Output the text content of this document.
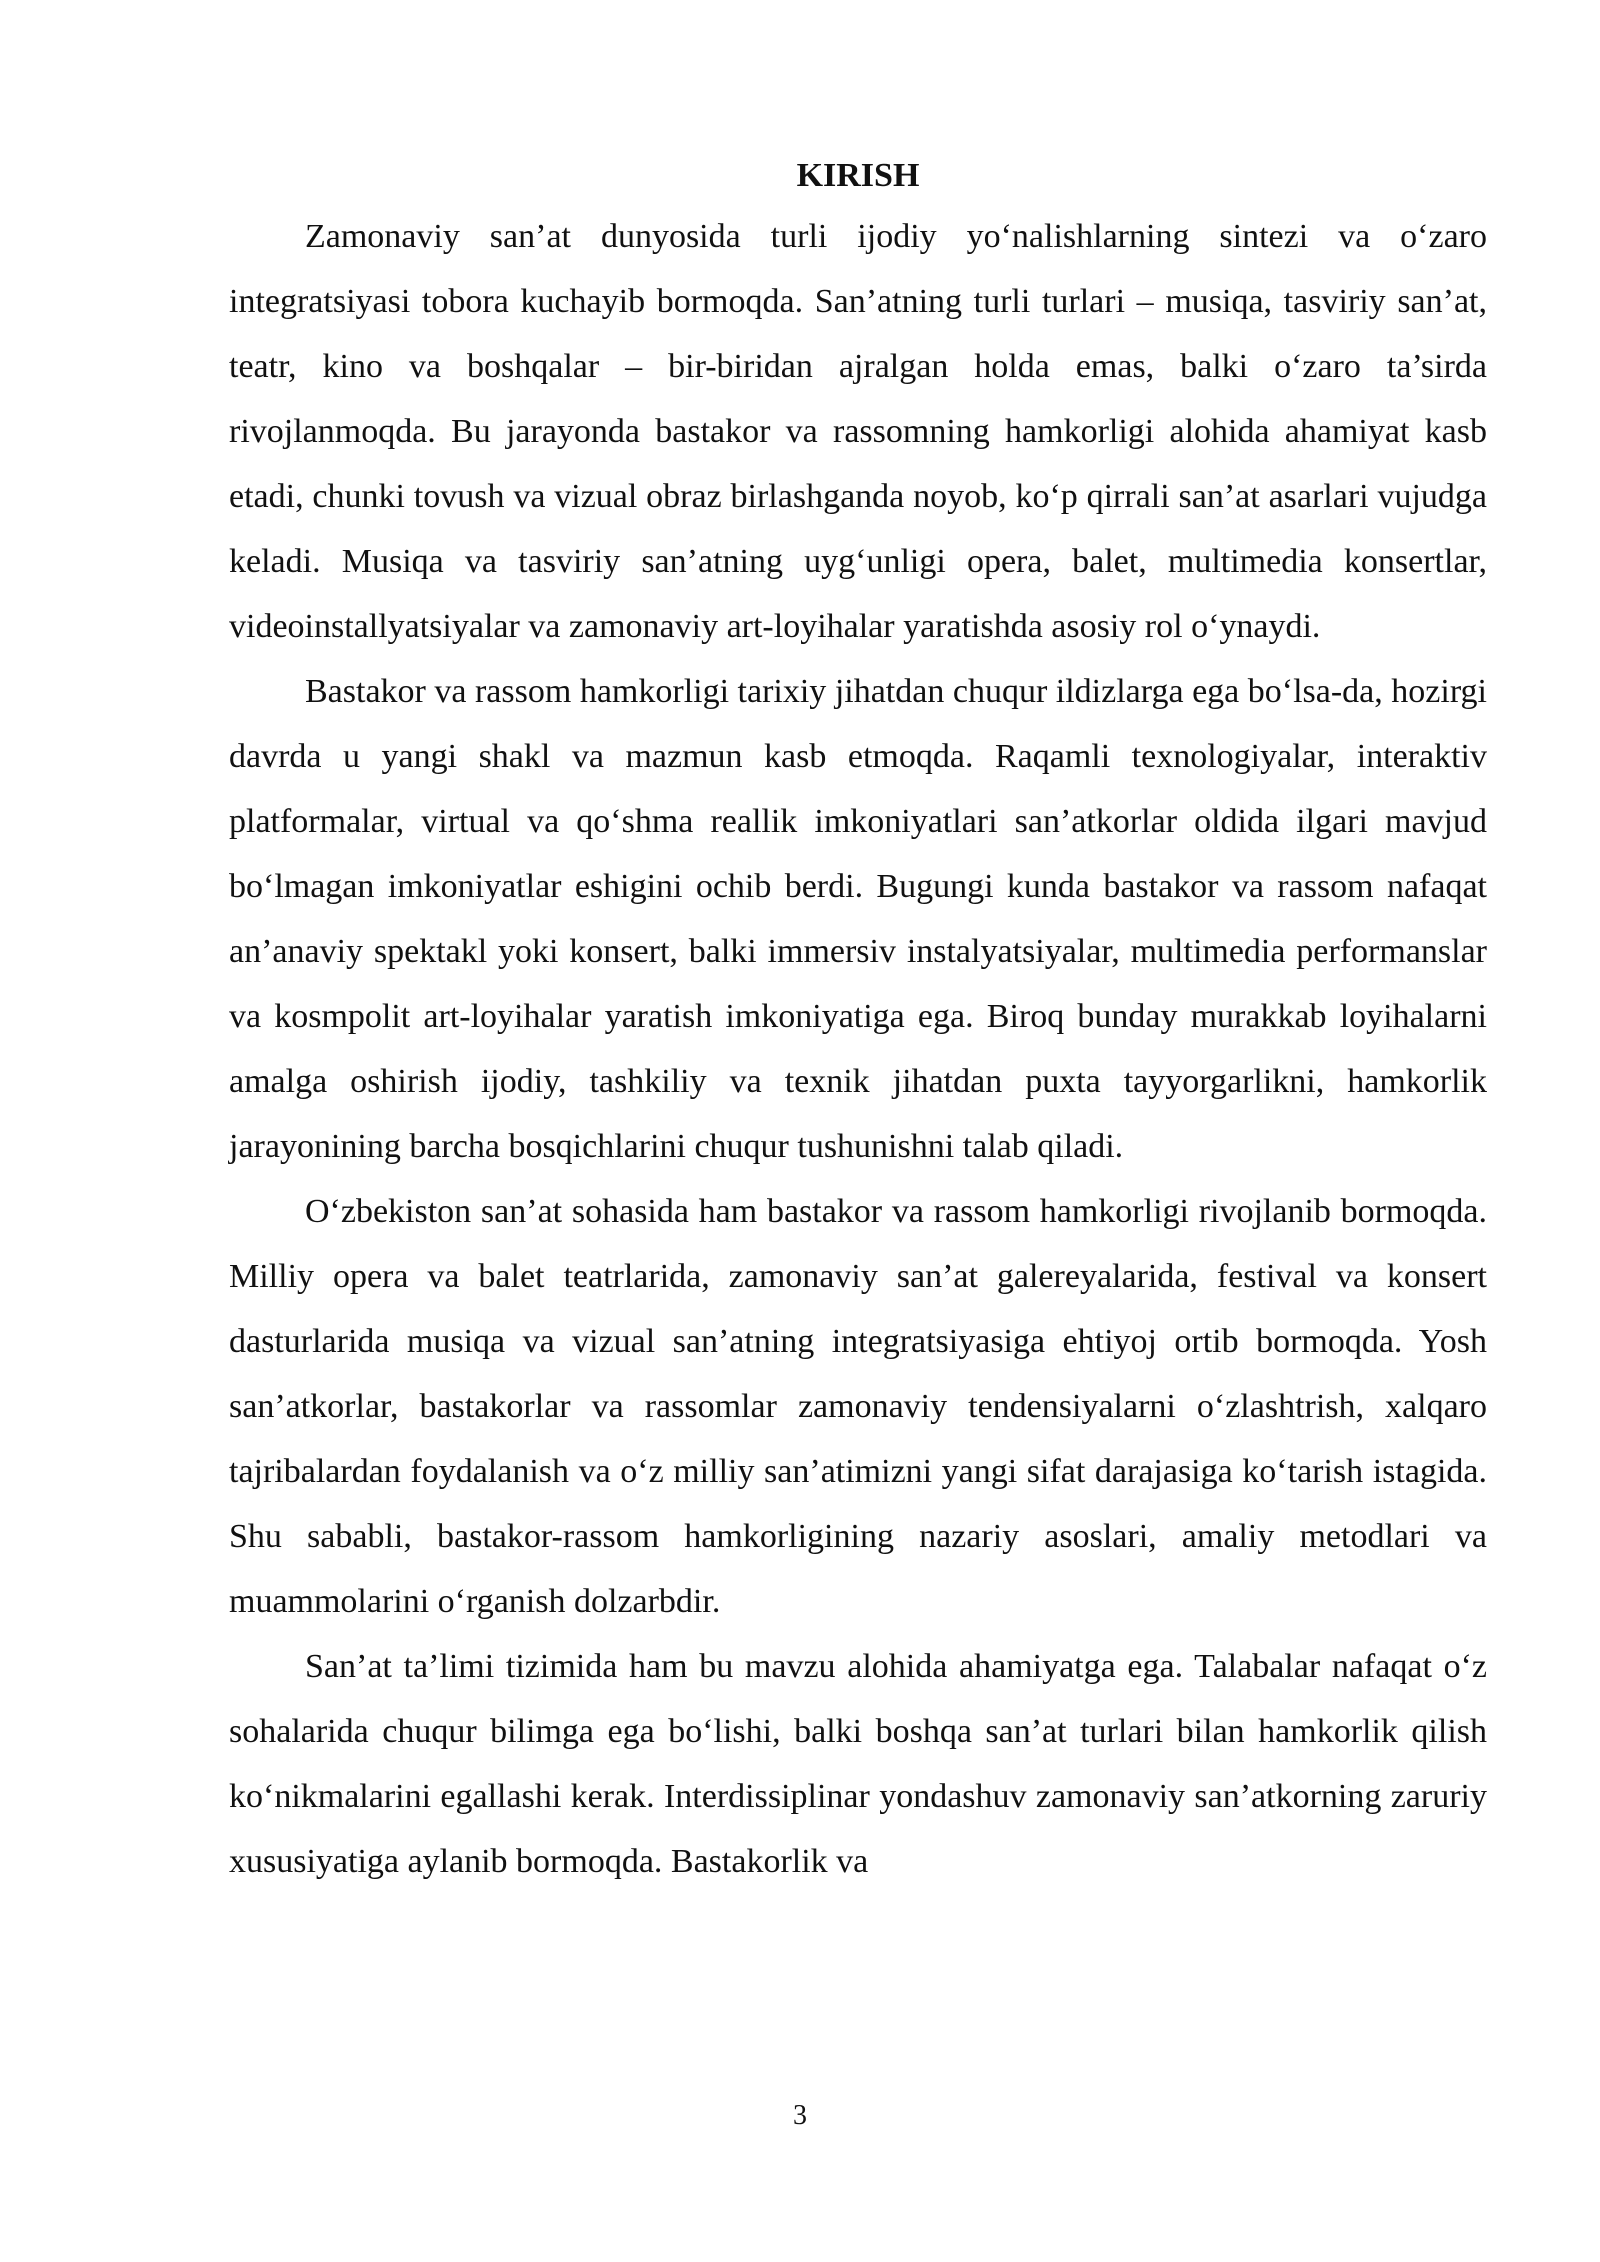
KIRISH

Zamonaviy san’at dunyosida turli ijodiy yo‘nalishlarning sintezi va o‘zaro integratsiyasi tobora kuchayib bormoqda. San’atning turli turlari – musiqa, tasviriy san’at, teatr, kino va boshqalar – bir-biridan ajralgan holda emas, balki o‘zaro ta’sirda rivojlanmoqda. Bu jarayonda bastakor va rassomning hamkorligi alohida ahamiyat kasb etadi, chunki tovush va vizual obraz birlashganda noyob, ko‘p qirrali san’at asarlari vujudga keladi. Musiqa va tasviriy san’atning uyg‘unligi opera, balet, multimedia konsertlar, videoinstallyatsiyalar va zamonaviy art-loyihalar yaratishda asosiy rol o‘ynaydi.

Bastakor va rassom hamkorligi tarixiy jihatdan chuqur ildizlarga ega bo‘lsa-da, hozirgi davrda u yangi shakl va mazmun kasb etmoqda. Raqamli texnologiyalar, interaktiv platformalar, virtual va qo‘shma reallik imkoniyatlari san’atkorlar oldida ilgari mavjud bo‘lmagan imkoniyatlar eshigini ochib berdi. Bugungi kunda bastakor va rassom nafaqat an’anaviy spektakl yoki konsert, balki immersiv instalyatsiyalar, multimedia performanslar va kosmpolit art-loyihalar yaratish imkoniyatiga ega. Biroq bunday murakkab loyihalarni amalga oshirish ijodiy, tashkiliy va texnik jihatdan puxta tayyorgarlikni, hamkorlik jarayonining barcha bosqichlarini chuqur tushunishni talab qiladi.

O‘zbekiston san’at sohasida ham bastakor va rassom hamkorligi rivojlanib bormoqda. Milliy opera va balet teatrlarida, zamonaviy san’at galereyalarida, festival va konsert dasturlarida musiqa va vizual san’atning integratsiyasiga ehtiyoj ortib bormoqda. Yosh san’atkorlar, bastakorlar va rassomlar zamonaviy tendensiyalarni o‘zlashtrish, xalqaro tajribalardan foydalanish va o‘z milliy san’atimizni yangi sifat darajasiga ko‘tarish istagida. Shu sababli, bastakor-rassom hamkorligining nazariy asoslari, amaliy metodlari va muammolarini o‘rganish dolzarbdir.

San’at ta’limi tizimida ham bu mavzu alohida ahamiyatga ega. Talabalar nafaqat o‘z sohalarida chuqur bilimga ega bo‘lishi, balki boshqa san’at turlari bilan hamkorlik qilish ko‘nikmalarini egallashi kerak. Interdissiplinar yondashuv zamonaviy san’atkorning zaruriy xususiyatiga aylanib bormoqda. Bastakorlik va

3
